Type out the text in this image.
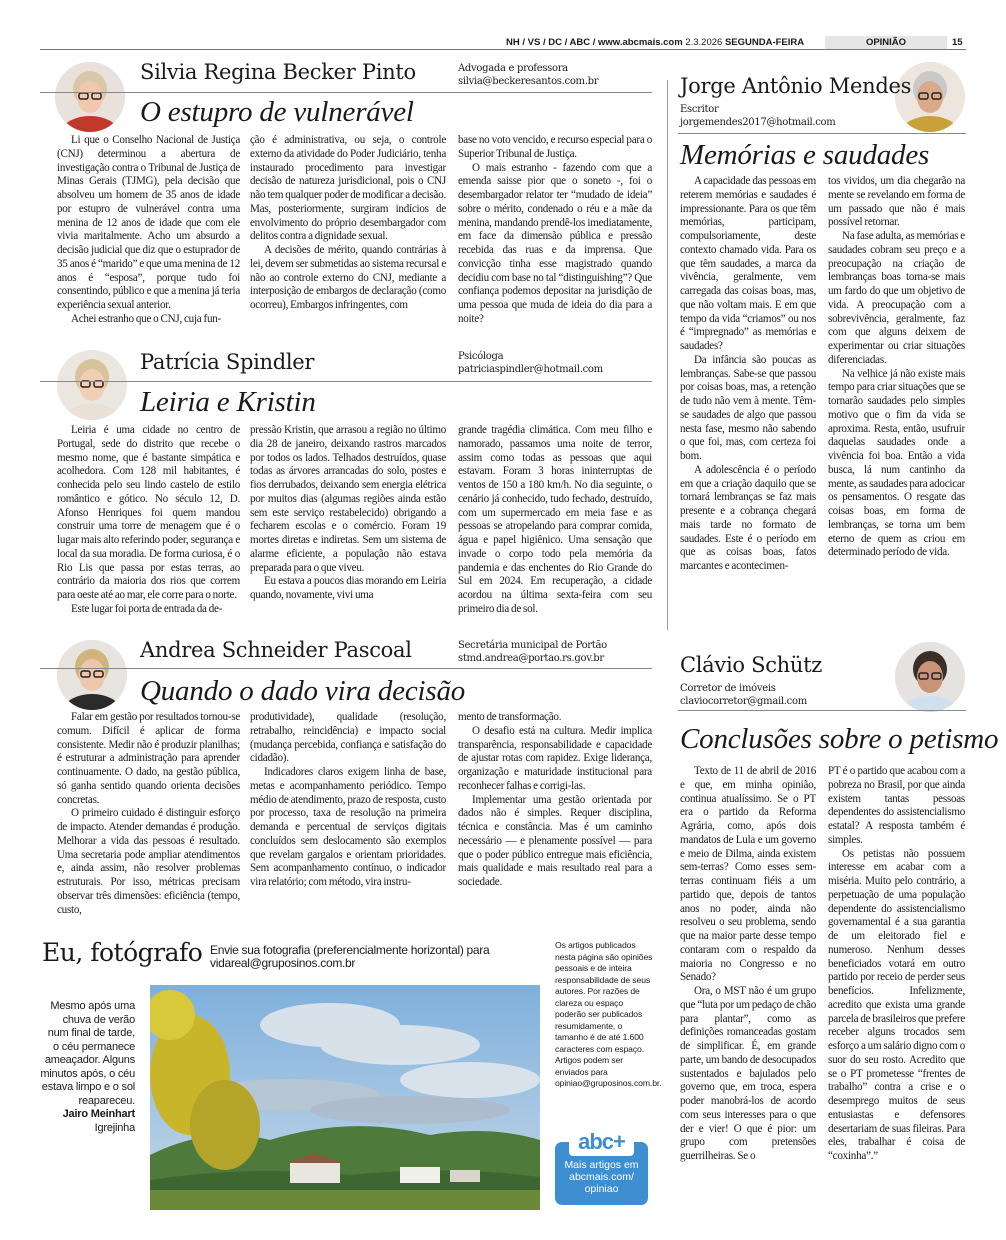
NH / VS / DC / ABC / www.abcmais.com 2.3.2026 SEGUNDA-FEIRA	OPINIÃO	15
Silvia Regina Becker Pinto	Advogada e professora
silvia@beckeresantos.com.br
O estupro de vulnerável

Li que o Conselho Nacional de Justiça (CNJ) determinou a abertura de investigação contra o Tribunal de Justiça de Minas Gerais (TJMG), pela decisão que absolveu um homem de 35 anos de idade por estupro de vulnerável contra uma menina de 12 anos de idade que com ele vivia maritalmente. Acho um absurdo a decisão judicial que diz que o estuprador de 35 anos é “marido” e que uma menina de 12 anos é “esposa”, porque tudo foi consentindo, público e que a menina já teria experiência sexual anterior.

Achei estranho que o CNJ, cuja fun-

ção é administrativa, ou seja, o controle externo da atividade do Poder Judiciário, tenha instaurado procedimento para investigar decisão de natureza jurisdicional, pois o CNJ não tem qualquer poder de modificar a decisão. Mas, posteriormente, surgiram indícios de envolvimento do próprio desembargador com delitos contra a dignidade sexual.

A decisões de mérito, quando contrárias à lei, devem ser submetidas ao sistema recursal e não ao controle externo do CNJ, mediante a interposição de embargos de declaração (como ocorreu), Embargos infringentes, com

base no voto vencido, e recurso especial para o Superior Tribunal de Justiça.

O mais estranho - fazendo com que a emenda saisse pior que o soneto -, foi o desembargador relator ter “mudado de ideia” sobre o mérito, condenado o réu e a mãe da menina, mandando prendê-los imediatamente, em face da dimensão pública e pressão recebida das ruas e da imprensa. Que convicção tinha esse magistrado quando decidiu com base no tal “distinguishing”? Que confiança podemos depositar na jurisdição de uma pessoa que muda de ideia do dia para a noite?

Patrícia Spindler	Psicóloga
patriciaspindler@hotmail.com
Leiria e Kristin

Leiria é uma cidade no centro de Portugal, sede do distrito que recebe o mesmo nome, que é bastante simpática e acolhedora. Com 128 mil habitantes, é conhecida pelo seu lindo castelo de estilo romântico e gótico. No século 12, D. Afonso Henriques foi quem mandou construir uma torre de menagem que é o lugar mais alto referindo poder, segurança e local da sua moradia. De forma curiosa, é o Rio Lis que passa por estas terras, ao contrário da maioria dos rios que correm para oeste até ao mar, ele corre para o norte.

Este lugar foi porta de entrada da de-

pressão Kristin, que arrasou a região no último dia 28 de janeiro, deixando rastros marcados por todos os lados. Telhados destruídos, quase todas as árvores arrancadas do solo, postes e fios derrubados, deixando sem energia elétrica por muitos dias (algumas regiões ainda estão sem este serviço restabelecido) obrigando a fecharem escolas e o comércio. Foram 19 mortes diretas e indiretas. Sem um sistema de alarme eficiente, a população não estava preparada para o que viveu.

Eu estava a poucos dias morando em Leiria quando, novamente, vivi uma

grande tragédia climática. Com meu filho e namorado, passamos uma noite de terror, assim como todas as pessoas que aqui estavam. Foram 3 horas ininterruptas de ventos de 150 a 180 km/h. No dia seguinte, o cenário já conhecido, tudo fechado, destruído, com um supermercado em meia fase e as pessoas se atropelando para comprar comida, água e papel higiênico. Uma sensação que invade o corpo todo pela memória da pandemia e das enchentes do Rio Grande do Sul em 2024. Em recuperação, a cidade acordou na última sexta-feira com seu primeiro dia de sol.

Andrea Schneider Pascoal	Secretária municipal de Portão
stmd.andrea@portao.rs.gov.br
Quando o dado vira decisão

Falar em gestão por resultados tornou-se comum. Difícil é aplicar de forma consistente. Medir não é produzir planilhas; é estruturar a administração para aprender continuamente. O dado, na gestão pública, só ganha sentido quando orienta decisões concretas.

O primeiro cuidado é distinguir esforço de impacto. Atender demandas é produção. Melhorar a vida das pessoas é resultado. Uma secretaria pode ampliar atendimentos e, ainda assim, não resolver problemas estruturais. Por isso, métricas precisam observar três dimensões: eficiência (tempo, custo,

produtividade), qualidade (resolução, retrabalho, reincidência) e impacto social (mudança percebida, confiança e satisfação do cidadão).

Indicadores claros exigem linha de base, metas e acompanhamento periódico. Tempo médio de atendimento, prazo de resposta, custo por processo, taxa de resolução na primeira demanda e percentual de serviços digitais concluídos sem deslocamento são exemplos que revelam gargalos e orientam prioridades. Sem acompanhamento contínuo, o indicador vira relatório; com método, vira instru-

mento de transformação.

O desafio está na cultura. Medir implica transparência, responsabilidade e capacidade de ajustar rotas com rapidez. Exige liderança, organização e maturidade institucional para reconhecer falhas e corrigi-las.

Implementar uma gestão orientada por dados não é simples. Requer disciplina, técnica e constância. Mas é um caminho necessário — e plenamente possível — para que o poder público entregue mais eficiência, mais qualidade e mais resultado real para a sociedade.

Jorge Antônio Mendes
Escritor
jorgemendes2017@hotmail.com
Memórias e saudades

A capacidade das pessoas em reterem memórias e saudades é impressionante. Para os que têm memórias, participam, compulsoriamente, deste contexto chamado vida. Para os que têm saudades, a marca da vivência, geralmente, vem carregada das coisas boas, mas, que não voltam mais. E em que tempo da vida “criamos” ou nos é “impregnado” as memórias e saudades?

Da infância são poucas as lembranças. Sabe-se que passou por coisas boas, mas, a retenção de tudo não vem à mente. Têm-se saudades de algo que passou nesta fase, mesmo não sabendo o que foi, mas, com certeza foi bom.

A adolescência é o período em que a criação daquilo que se tornará lembranças se faz mais presente e a cobrança chegará mais tarde no formato de saudades. Este é o período em que as coisas boas, fatos marcantes e acontecimen-

tos vividos, um dia chegarão na mente se revelando em forma de um passado que não é mais possível retornar.

Na fase adulta, as memórias e saudades cobram seu preço e a preocupação na criação de lembranças boas torna-se mais um fardo do que um objetivo de vida. A preocupação com a sobrevivência, geralmente, faz com que alguns deixem de experimentar ou criar situações diferenciadas.

Na velhice já não existe mais tempo para criar situações que se tornarão saudades pelo simples motivo que o fim da vida se aproxima. Resta, então, usufruir daquelas saudades onde a vivência foi boa. Então a vida busca, lá num cantinho da mente, as saudades para adocicar os pensamentos. O resgate das coisas boas, em forma de lembranças, se torna um bem eterno de quem as criou em determinado período de vida.

Clávio Schütz
Corretor de imóveis
claviocorretor@gmail.com
Conclusões sobre o petismo

Texto de 11 de abril de 2016 e que, em minha opinião, continua atualíssimo. Se o PT era o partido da Reforma Agrária, como, após dois mandatos de Lula e um governo e meio de Dilma, ainda existem sem-terras? Como esses sem-terras continuam fiéis a um partido que, depois de tantos anos no poder, ainda não resolveu o seu problema, sendo que na maior parte desse tempo contaram com o respaldo da maioria no Congresso e no Senado?

Ora, o MST não é um grupo que “luta por um pedaço de chão para plantar”, como as definições romanceadas gostam de simplificar. É, em grande parte, um bando de desocupados sustentados e bajulados pelo governo que, em troca, espera poder manobrá-los de acordo com seus interesses para o que der e vier! O que é pior: um grupo com pretensões guerrilheiras. Se o

PT é o partido que acabou com a pobreza no Brasil, por que ainda existem tantas pessoas dependentes do assistencialismo estatal? A resposta também é simples.

Os petistas não possuem interesse em acabar com a miséria. Muito pelo contrário, a perpetuação de uma população dependente do assistencialismo governamental é a sua garantia de um eleitorado fiel e numeroso. Nenhum desses beneficiados votará em outro partido por receio de perder seus benefícios. Infelizmente, acredito que exista uma grande parcela de brasileiros que prefere receber alguns trocados sem esforço a um salário digno com o suor do seu rosto. Acredito que se o PT prometesse “frentes de trabalho” contra a crise e o desemprego muitos de seus entusiastas e defensores desertariam de suas fileiras. Para eles, trabalhar é coisa de “coxinha”.”

Eu, fotógrafo Envie sua fotografia (preferencialmente horizontal) para vidareal@gruposinos.com.br
Mesmo após uma chuva de verão num final de tarde, o céu permanece ameaçador. Alguns minutos após, o céu estava limpo e o sol reapareceu.
Jairo Meinhart
Igrejinha
Os artigos publicados nesta página são opiniões pessoais e de inteira responsabilidade de seus autores. Por razões de clareza ou espaço poderão ser publicados resumidamente, o tamanho é de até 1.600 caracteres com espaço. Artigos podem ser enviados para opiniao@gruposinos.com.br.
Mais artigos em abcmais.com/ opiniao
abc+
